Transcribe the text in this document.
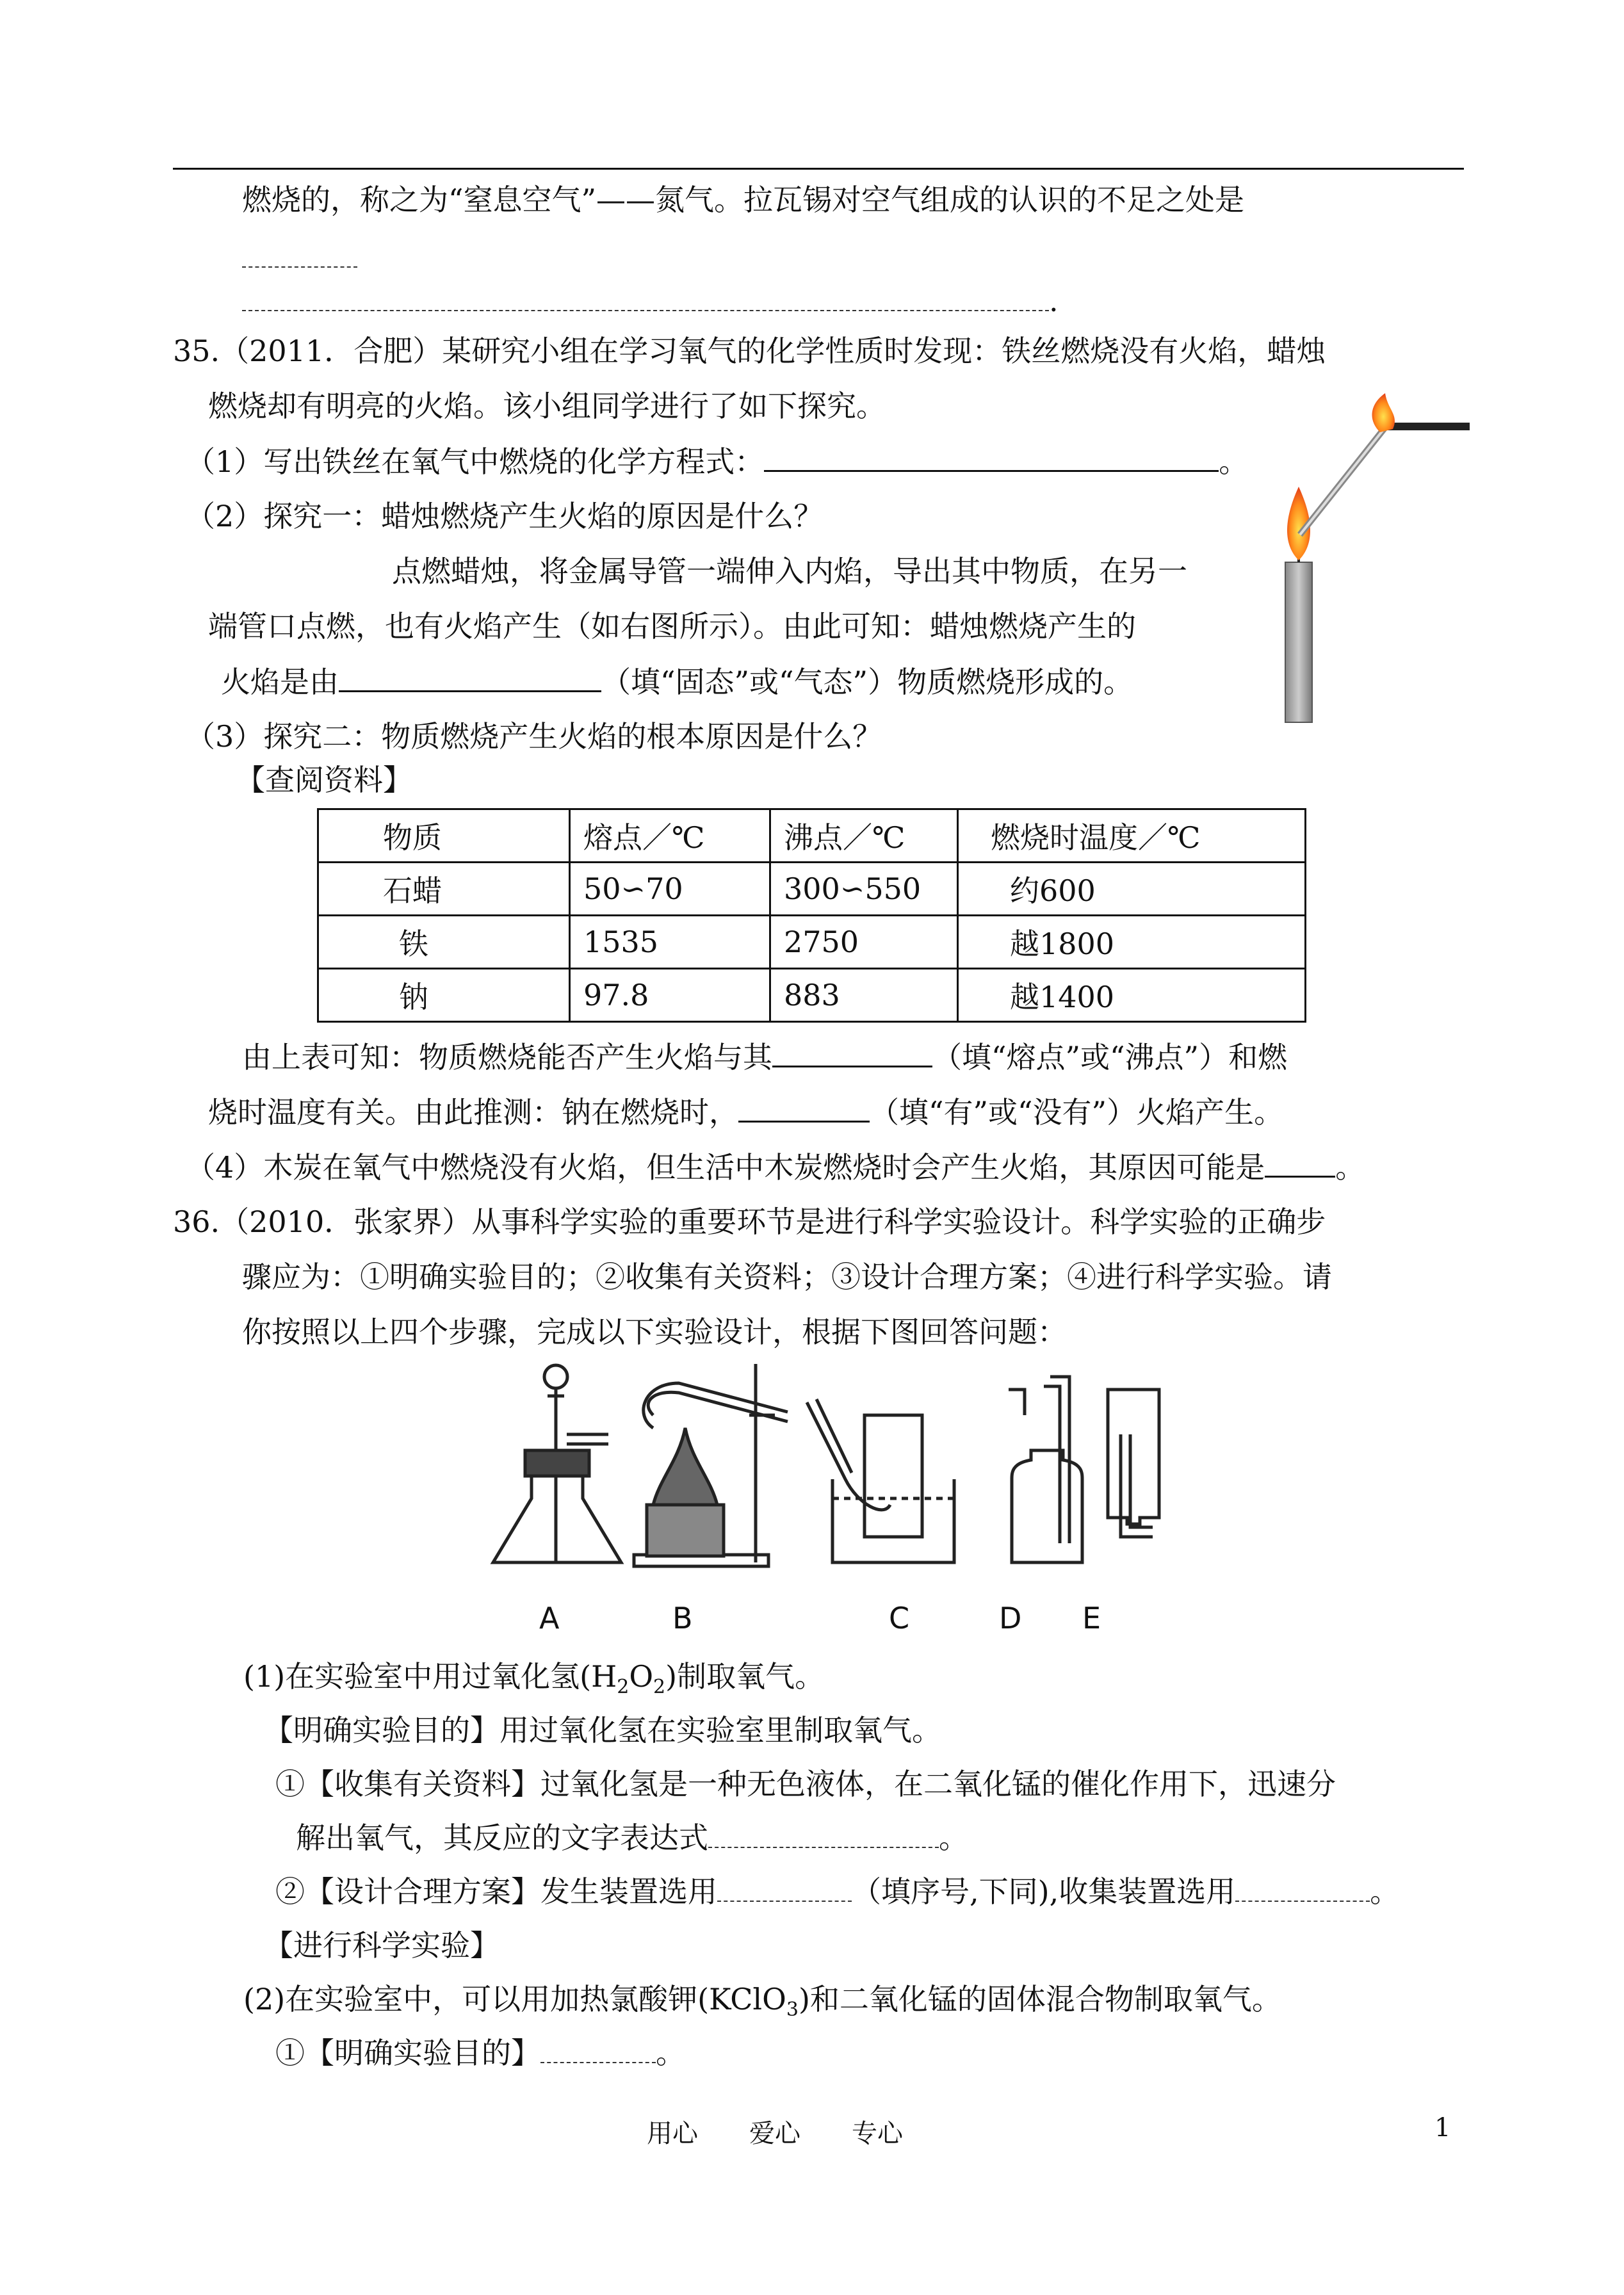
燃烧的，称之为“窒息空气”——氮气。拉瓦锡对空气组成的认识的不足之处是
.
35.（2011．合肥）某研究小组在学习氧气的化学性质时发现：铁丝燃烧没有火焰，蜡烛
燃烧却有明亮的火焰。该小组同学进行了如下探究。
（1）写出铁丝在氧气中燃烧的化学方程式：	。
（2）探究一：蜡烛燃烧产生火焰的原因是什么？
点燃蜡烛，将金属导管一端伸入内焰，导出其中物质，在另一
端管口点燃，也有火焰产生（如右图所示）。由此可知：蜡烛燃烧产生的
火焰是由	（填“固态”或“气态”）物质燃烧形成的。
（3）探究二：物质燃烧产生火焰的根本原因是什么？
【查阅资料】
物质	熔点／℃	沸点／℃	燃烧时温度／℃
石蜡	50∽70	300∽550	约600
铁	1535	2750	越1800
钠	97.8	883	越1400
由上表可知：物质燃烧能否产生火焰与其	（填“熔点”或“沸点”）和燃
烧时温度有关。由此推测：钠在燃烧时，	（填“有”或“没有”）火焰产生。
（4）木炭在氧气中燃烧没有火焰，但生活中木炭燃烧时会产生火焰，其原因可能是 。
36.（2010．张家界）从事科学实验的重要环节是进行科学实验设计。科学实验的正确步
骤应为：①明确实验目的；②收集有关资料；③设计合理方案；④进行科学实验。请
你按照以上四个步骤，完成以下实验设计，根据下图回答问题：
A	B	C	D E
(1)在实验室中用过氧化氢$(H_2O_2)$制取氧气。
【明确实验目的】用过氧化氢在实验室里制取氧气。
①【收集有关资料】过氧化氢是一种无色液体，在二氧化锰的催化作用下，迅速分
解出氧气，其反应的文字表达式	。
②【设计合理方案】发生装置选用	（填序号,下同),收集装置选用	。
【进行科学实验】
(2)在实验室中，可以用加热氯酸钾(KClO$_3$)和二氧化锰的固体混合物制取氧气。
①【明确实验目的】	。
用心　　爱心　　专心	1
